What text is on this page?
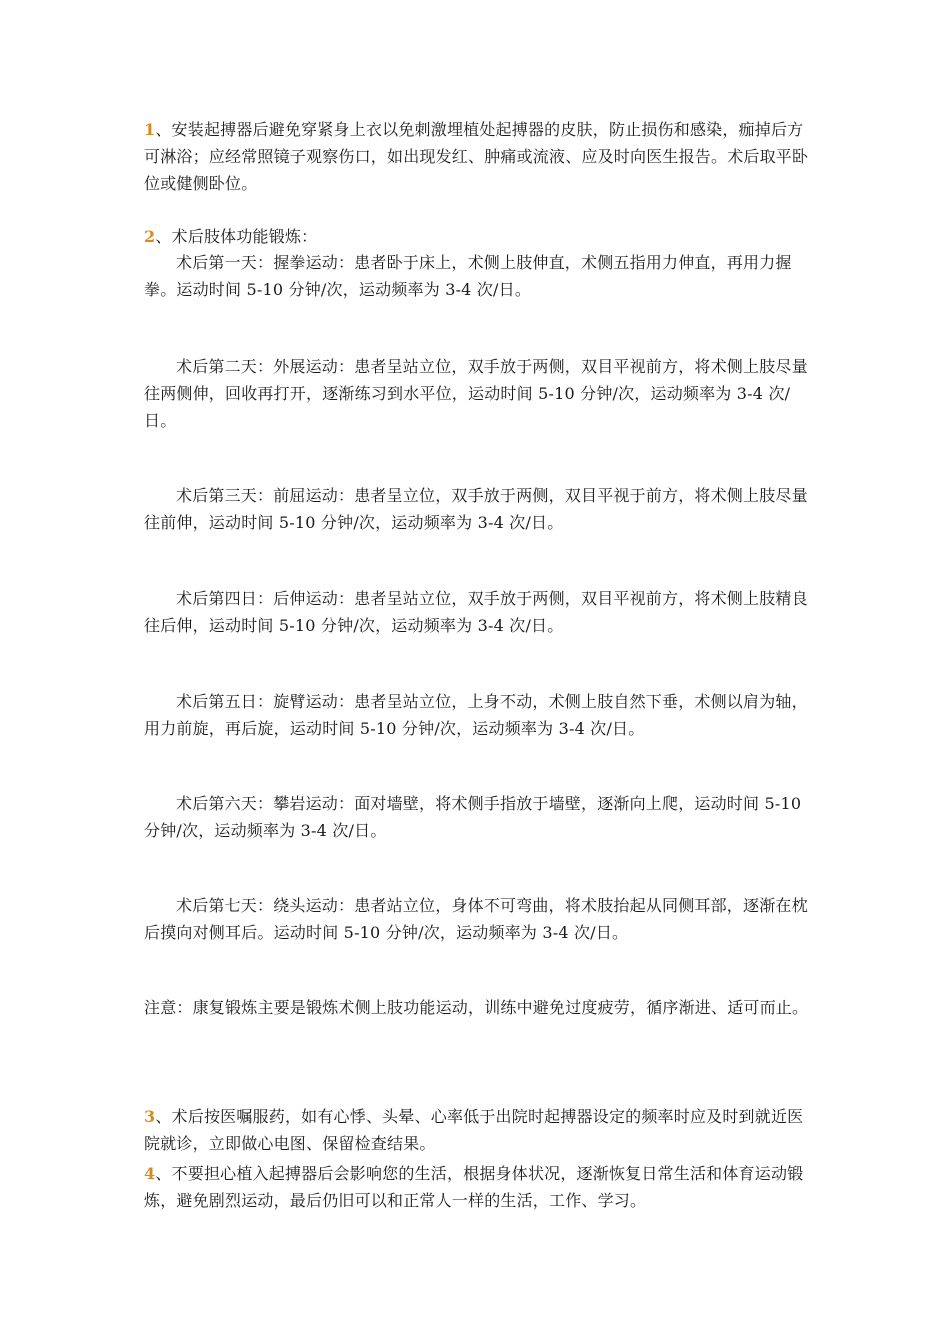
1、安装起搏器后避免穿紧身上衣以免刺激埋植处起搏器的皮肤，防止损伤和感染，痂掉后方可淋浴；应经常照镜子观察伤口，如出现发红、肿痛或流液、应及时向医生报告。术后取平卧位或健侧卧位。

2、术后肢体功能锻炼：

术后第一天：握拳运动：患者卧于床上，术侧上肢伸直，术侧五指用力伸直，再用力握拳。运动时间 5-10 分钟/次，运动频率为 3-4 次/日。

术后第二天：外展运动：患者呈站立位，双手放于两侧，双目平视前方，将术侧上肢尽量往两侧伸，回收再打开，逐渐练习到水平位，运动时间 5-10 分钟/次，运动频率为 3-4 次/日。

术后第三天：前屈运动：患者呈立位，双手放于两侧，双目平视于前方，将术侧上肢尽量往前伸，运动时间 5-10 分钟/次，运动频率为 3-4 次/日。

术后第四日：后伸运动：患者呈站立位，双手放于两侧，双目平视前方，将术侧上肢精良往后伸，运动时间 5-10 分钟/次，运动频率为 3-4 次/日。

术后第五日：旋臂运动：患者呈站立位，上身不动，术侧上肢自然下垂，术侧以肩为轴，用力前旋，再后旋，运动时间 5-10 分钟/次，运动频率为 3-4 次/日。

术后第六天：攀岩运动：面对墙壁，将术侧手指放于墙壁，逐渐向上爬，运动时间 5-10 分钟/次，运动频率为 3-4 次/日。

术后第七天：绕头运动：患者站立位，身体不可弯曲，将术肢抬起从同侧耳部，逐渐在枕后摸向对侧耳后。运动时间 5-10 分钟/次，运动频率为 3-4 次/日。

注意：康复锻炼主要是锻炼术侧上肢功能运动，训练中避免过度疲劳，循序渐进、适可而止。

3、术后按医嘱服药，如有心悸、头晕、心率低于出院时起搏器设定的频率时应及时到就近医院就诊，立即做心电图、保留检查结果。

4、不要担心植入起搏器后会影响您的生活，根据身体状况，逐渐恢复日常生活和体育运动锻炼，避免剧烈运动，最后仍旧可以和正常人一样的生活，工作、学习。
